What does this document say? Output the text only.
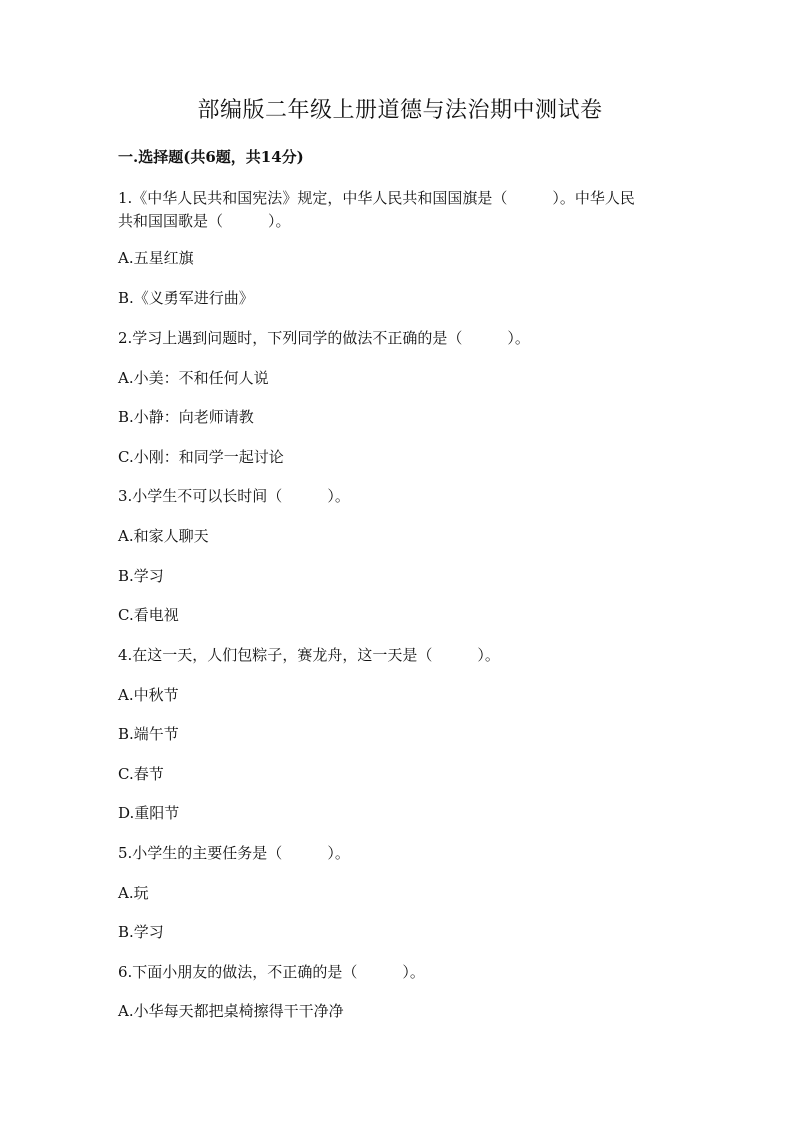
部编版二年级上册道德与法治期中测试卷
一.选择题(共6题，共14分)
1.《中华人民共和国宪法》规定，中华人民共和国国旗是（　　　）。中华人民
共和国国歌是（　　　）。
A.五星红旗
B.《义勇军进行曲》
2.学习上遇到问题时，下列同学的做法不正确的是（　　　）。
A.小美：不和任何人说
B.小静：向老师请教
C.小刚：和同学一起讨论
3.小学生不可以长时间（　　　）。
A.和家人聊天
B.学习
C.看电视
4.在这一天，人们包粽子，赛龙舟，这一天是（　　　）。
A.中秋节
B.端午节
C.春节
D.重阳节
5.小学生的主要任务是（　　　）。
A.玩
B.学习
6.下面小朋友的做法，不正确的是（　　　）。
A.小华每天都把桌椅擦得干干净净
